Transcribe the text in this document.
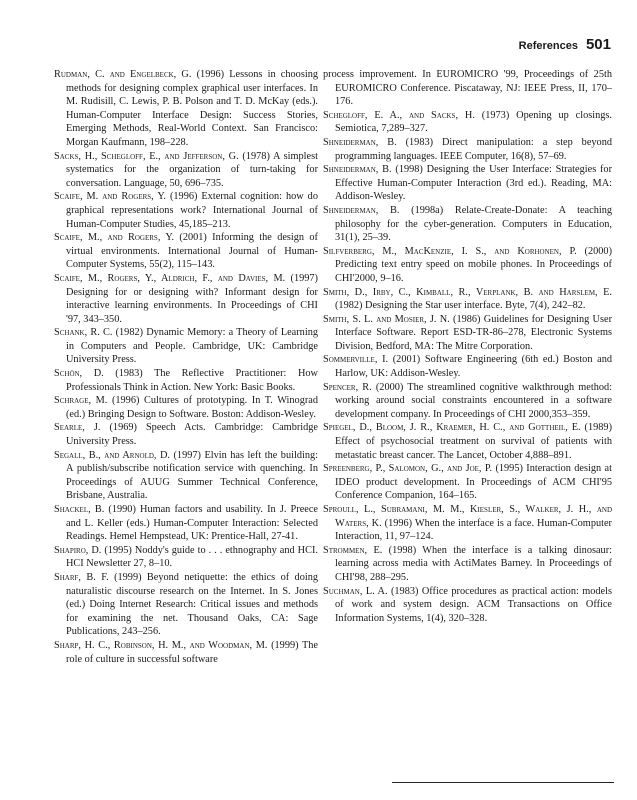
References 501

Rudman, C. and Engelbeck, G. (1996) Lessons in choosing methods for designing complex graphical user interfaces. In M. Rudisill, C. Lewis, P. B. Polson and T. D. McKay (eds.). Human-Computer Interface Design: Success Stories, Emerging Methods, Real-World Context. San Francisco: Morgan Kaufmann, 198–228.

Sacks, H., Schegloff, E., and Jefferson, G. (1978) A simplest systematics for the organization of turn-taking for conversation. Language, 50, 696–735.

Scaife, M. and Rogers, Y. (1996) External cognition: how do graphical representations work? International Journal of Human-Computer Studies, 45,185–213.

Scaife, M., and Rogers, Y. (2001) Informing the design of virtual environments. International Journal of Human-Computer Systems, 55(2), 115–143.

Scaife, M., Rogers, Y., Aldrich, F., and Davies, M. (1997) Designing for or designing with? Informant design for interactive learning environments. In Proceedings of CHI '97, 343–350.

Schank, R. C. (1982) Dynamic Memory: a Theory of Learning in Computers and People. Cambridge, UK: Cambridge University Press.

Schön, D. (1983) The Reflective Practitioner: How Professionals Think in Action. New York: Basic Books.

Schrage, M. (1996) Cultures of prototyping. In T. Winograd (ed.) Bringing Design to Software. Boston: Addison-Wesley.

Searle, J. (1969) Speech Acts. Cambridge: Cambridge University Press.

Segall, B., and Arnold, D. (1997) Elvin has left the building: A publish/subscribe notification service with quenching. In Proceedings of AUUG Summer Technical Conference, Brisbane, Australia.

Shackel, B. (1990) Human factors and usability. In J. Preece and L. Keller (eds.) Human-Computer Interaction: Selected Readings. Hemel Hempstead, UK: Prentice-Hall, 27-41.

Shapiro, D. (1995) Noddy's guide to . . . ethnography and HCI. HCI Newsletter 27, 8–10.

Sharf, B. F. (1999) Beyond netiquette: the ethics of doing naturalistic discourse research on the Internet. In S. Jones (ed.) Doing Internet Research: Critical issues and methods for examining the net. Thousand Oaks, CA: Sage Publications, 243–256.

Sharp, H. C., Robinson, H. M., and Woodman, M. (1999) The role of culture in successful software

process improvement. In EUROMICRO '99, Proceedings of 25th EUROMICRO Conference. Piscataway, NJ: IEEE Press, II, 170–176.

Schegloff, E. A., and Sacks, H. (1973) Opening up closings. Semiotica, 7,289–327.

Shneiderman, B. (1983) Direct manipulation: a step beyond programming languages. IEEE Computer, 16(8), 57–69.

Shneiderman, B. (1998) Designing the User Interface: Strategies for Effective Human-Computer Interaction (3rd ed.). Reading, MA: Addison-Wesley.

Shneiderman, B. (1998a) Relate-Create-Donate: A teaching philosophy for the cyber-generation. Computers in Education, 31(1), 25–39.

Silfverberg, M., MacKenzie, I. S., and Korhonen, P. (2000) Predicting text entry speed on mobile phones. In Proceedings of CHI'2000, 9–16.

Smith, D., Irby, C., Kimball, R., Verplank, B. and Harslem, E. (1982) Designing the Star user interface. Byte, 7(4), 242–82.

Smith, S. L. and Mosier, J. N. (1986) Guidelines for Designing User Interface Software. Report ESD-TR-86–278, Electronic Systems Division, Bedford, MA: The Mitre Corporation.

Sommerville, I. (2001) Software Engineering (6th ed.) Boston and Harlow, UK: Addison-Wesley.

Spencer, R. (2000) The streamlined cognitive walkthrough method: working around social constraints encountered in a software development company. In Proceedings of CHI 2000,353–359.

Spiegel, D., Bloom, J. R., Kraemer, H. C., and Gottheil, E. (1989) Effect of psychosocial treatment on survival of patients with metastatic breast cancer. The Lancet, October 4,888–891.

Spreenberg, P., Salomon, G., and Joe, P. (1995) Interaction design at IDEO product development. In Proceedings of ACM CHI'95 Conference Companion, 164–165.

Sproull, L., Subramani, M. M., Kiesler, S., Walker, J. H., and Waters, K. (1996) When the interface is a face. Human-Computer Interaction, 11, 97–124.

Strommen, E. (1998) When the interface is a talking dinosaur: learning across media with ActiMates Barney. In Proceedings of CHI'98, 288–295.

Suchman, L. A. (1983) Office procedures as practical action: models of work and system design. ACM Transactions on Office Information Systems, 1(4), 320–328.
